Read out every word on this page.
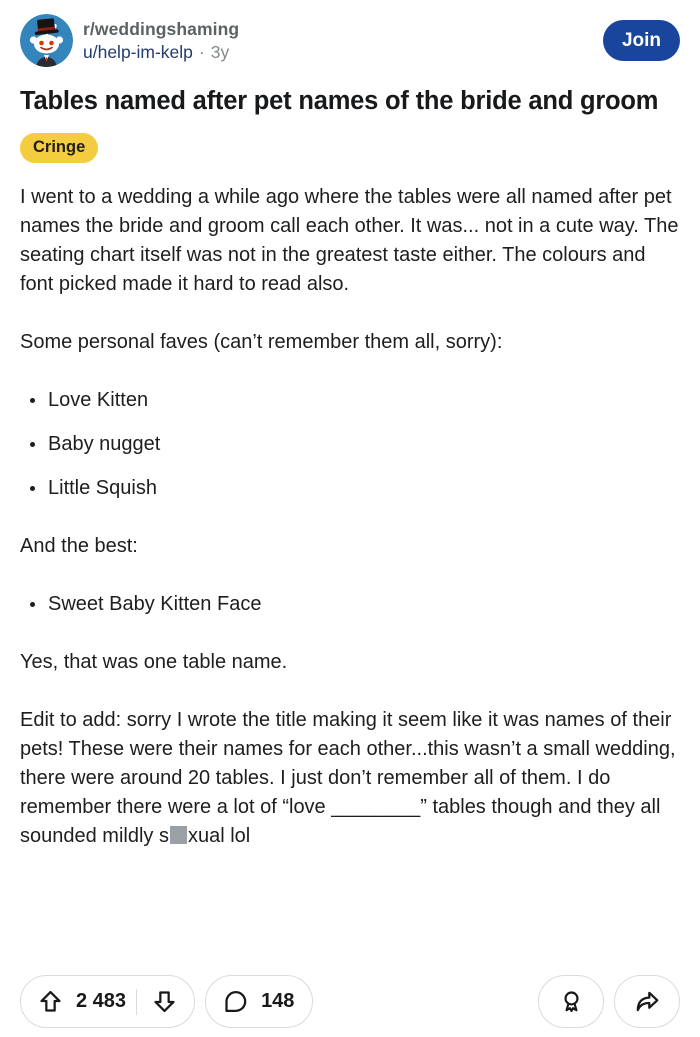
r/weddingshaming
u/help-im-kelp · 3y
Join
Tables named after pet names of the bride and groom
Cringe

I went to a wedding a while ago where the tables were all named after pet names the bride and groom call each other. It was... not in a cute way. The seating chart itself was not in the greatest taste either. The colours and font picked made it hard to read also.

Some personal faves (can’t remember them all, sorry):

Love Kitten
Baby nugget
Little Squish

And the best:

Sweet Baby Kitten Face

Yes, that was one table name.

Edit to add: sorry I wrote the title making it seem like it was names of their pets! These were their names for each other...this wasn’t a small wedding, there were around 20 tables. I just don’t remember all of them. I do remember there were a lot of “love ________” tables though and they all sounded mildly s xual lol

2 483	148
